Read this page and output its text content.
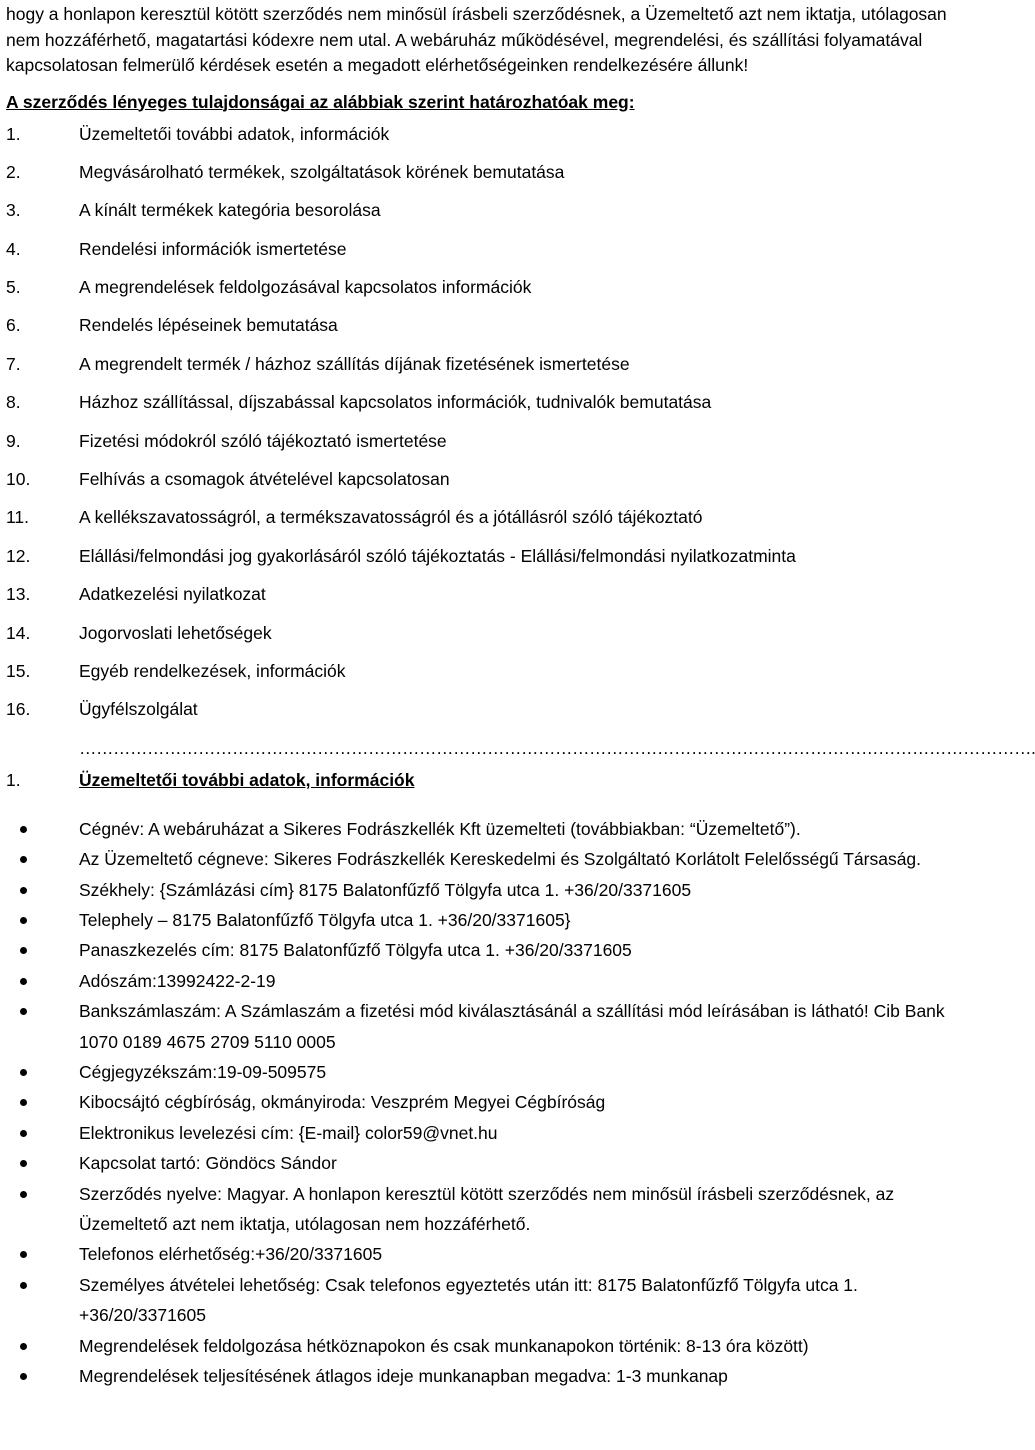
hogy a honlapon keresztül kötött szerződés nem minősül írásbeli szerződésnek, a Üzemeltető azt nem iktatja, utólagosan nem hozzáférhető, magatartási kódexre nem utal. A webáruház működésével, megrendelési, és szállítási folyamatával kapcsolatosan felmerülő kérdések esetén a megadott elérhetőségeinken rendelkezésére állunk!

A szerződés lényeges tulajdonságai az alábbiak szerint határozhatóak meg:
1.	Üzemeltetői további adatok, információk
2.	Megvásárolható termékek, szolgáltatások körének bemutatása
3.	A kínált termékek kategória besorolása
4.	Rendelési információk ismertetése
5.	A megrendelések feldolgozásával kapcsolatos információk
6.	Rendelés lépéseinek bemutatása
7.	A megrendelt termék / házhoz szállítás díjának fizetésének ismertetése
8.	Házhoz szállítással, díjszabással kapcsolatos információk, tudnivalók bemutatása
9.	Fizetési módokról szóló tájékoztató ismertetése
10.	Felhívás a csomagok átvételével kapcsolatosan
11.	A kellékszavatosságról, a termékszavatosságról és a jótállásról szóló tájékoztató
12.	Elállási/felmondási jog gyakorlásáról szóló tájékoztatás - Elállási/felmondási nyilatkozatminta
13.	Adatkezelési nyilatkozat
14.	Jogorvoslati lehetőségek
15.	Egyéb rendelkezések, információk
16.	Ügyfélszolgálat
…………………………………………………………………………………………………………………………………………………….
1.	Üzemeltetői további adatok, információk
Cégnév: A webáruházat a Sikeres Fodrászkellék Kft üzemelteti (továbbiakban: “Üzemeltető”).
Az Üzemeltető cégneve: Sikeres Fodrászkellék Kereskedelmi és Szolgáltató Korlátolt Felelősségű Társaság.
Székhely: {Számlázási cím} 8175 Balatonfűzfő Tölgyfa utca 1. +36/20/3371605
Telephely – 8175 Balatonfűzfő Tölgyfa utca 1. +36/20/3371605}
Panaszkezelés cím: 8175 Balatonfűzfő Tölgyfa utca 1. +36/20/3371605
Adószám:13992422-2-19
Bankszámlaszám: A Számlaszám a fizetési mód kiválasztásánál a szállítási mód leírásában is látható! Cib Bank 1070 0189 4675 2709 5110 0005
Cégjegyzékszám:19-09-509575
Kibocsájtó cégbíróság, okmányiroda: Veszprém Megyei Cégbíróság
Elektronikus levelezési cím: {E-mail} color59@vnet.hu
Kapcsolat tartó: Göndöcs Sándor
Szerződés nyelve: Magyar. A honlapon keresztül kötött szerződés nem minősül írásbeli szerződésnek, az Üzemeltető azt nem iktatja, utólagosan nem hozzáférhető.
Telefonos elérhetőség:+36/20/3371605
Személyes átvételei lehetőség: Csak telefonos egyeztetés után itt: 8175 Balatonfűzfő Tölgyfa utca 1. +36/20/3371605
Megrendelések feldolgozása hétköznapokon és csak munkanapokon történik: 8-13 óra között)
Megrendelések teljesítésének átlagos ideje munkanapban megadva: 1-3 munkanap
